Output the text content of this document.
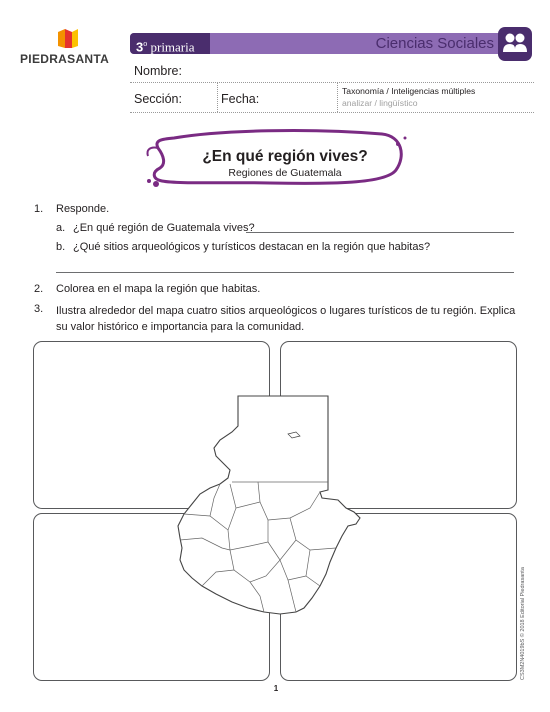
PIEDRASANTA
3$^o$ primaria	Ciencias Sociales
Nombre:
Sección:	Fecha:
Taxonomía / Inteligencias múltiples
analizar / lingüístico
¿En qué región vives?
Regiones de Guatemala
1. Responde.
a. ¿En qué región de Guatemala vives?
b. ¿Qué sitios arqueológicos y turísticos destacan en la región que habitas?
2. Colorea en el mapa la región que habitas.
3. Ilustra alrededor del mapa cuatro sitios arqueológicos o lugares turísticos de tu región. Explica su valor histórico e importancia para la comunidad.
CS3M2N4019bS © 2018 Editorial Piedrasanta
1
